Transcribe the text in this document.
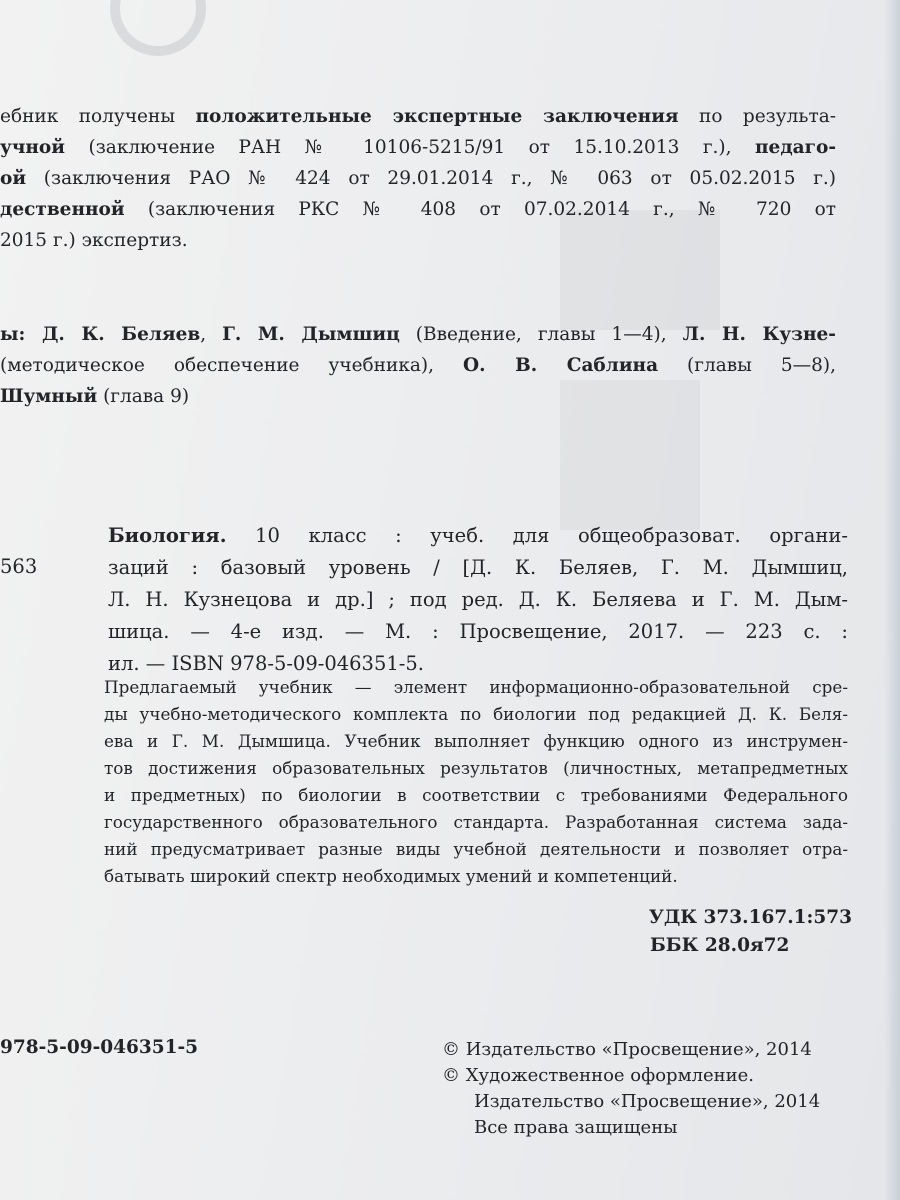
ебник получены положительные экспертные заключения по результа-
учной (заключение РАН № 10106-5215/91 от 15.10.2013 г.), педаго-
ой (заключения РАО № 424 от 29.01.2014 г., № 063 от 05.02.2015 г.)
дественной (заключения РКС № 408 от 07.02.2014 г., № 720 от
2015 г.) экспертиз.
ы: Д. К. Беляев, Г. М. Дымшиц (Введение, главы 1—4), Л. Н. Кузне-
(методическое обеспечение учебника), О. В. Саблина (главы 5—8),
Шумный (глава 9)
563
Биология. 10 класс : учеб. для общеобразоват. органи-
заций : базовый уровень / [Д. К. Беляев, Г. М. Дымшиц,
Л. Н. Кузнецова и др.] ; под ред. Д. К. Беляева и Г. М. Дым-
шица. — 4-е изд. — М. : Просвещение, 2017. — 223 с. :
ил. — ISBN 978-5-09-046351-5.
Предлагаемый учебник — элемент информационно-образовательной сре-
ды учебно-методического комплекта по биологии под редакцией Д. К. Беля-
ева и Г. М. Дымшица. Учебник выполняет функцию одного из инструмен-
тов достижения образовательных результатов (личностных, метапредметных
и предметных) по биологии в соответствии с требованиями Федерального
государственного образовательного стандарта. Разработанная система зада-
ний предусматривает разные виды учебной деятельности и позволяет отра-
батывать широкий спектр необходимых умений и компетенций.
УДК 373.167.1:573
ББК 28.0я72
978-5-09-046351-5	© Издательство «Просвещение», 2014
© Художественное оформление.
Издательство «Просвещение», 2014
Все права защищены
